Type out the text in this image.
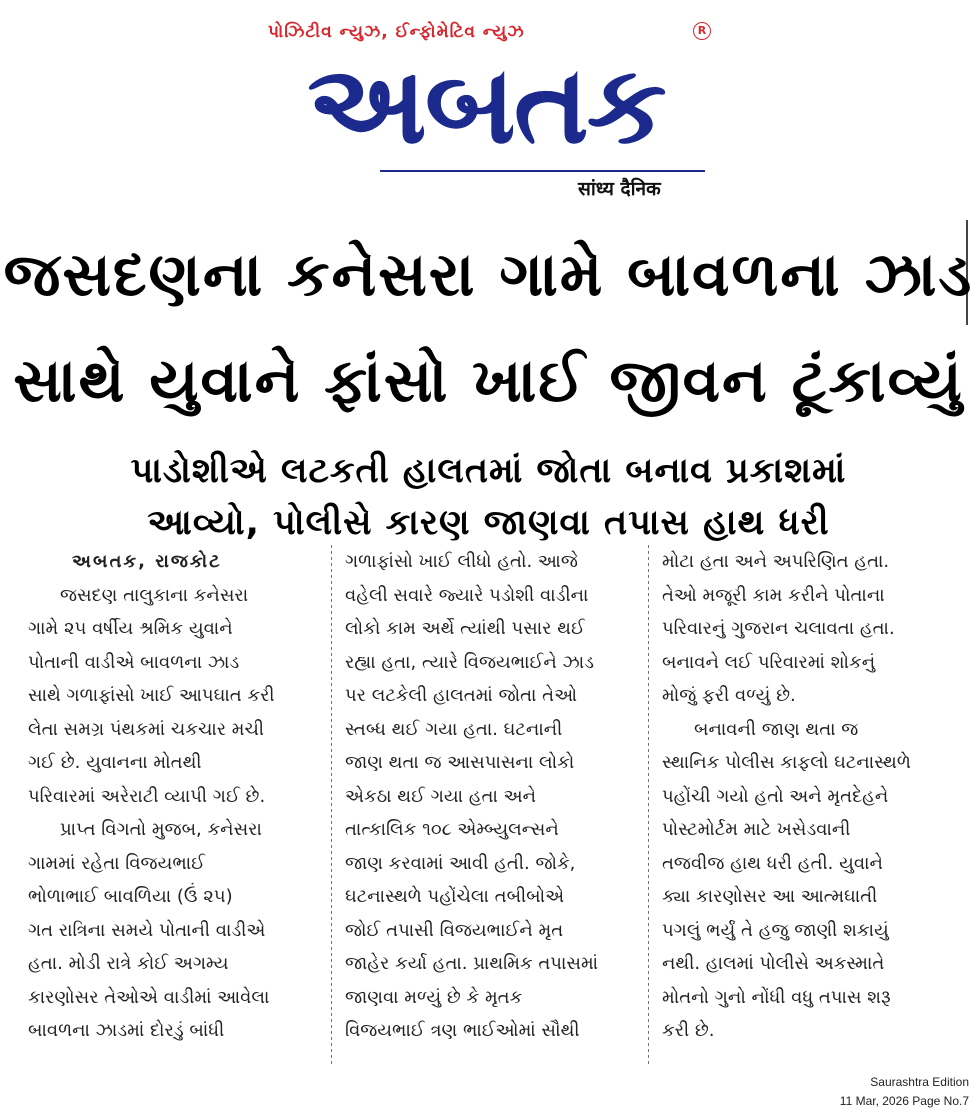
પોઝિટીવ ન્યુઝ, ઈન્ફોમેટિવ ન્યુઝ	R
અબતક
सांध्य दैनिक
જસદણના કનેસરા ગામે બાવળના ઝાડ
સાથે યુવાને ફાંસો ખાઈ જીવન ટૂંકાવ્યું
પાડોશીએ લટકતી હાલતમાં જોતા બનાવ પ્રકાશમાં
આવ્યો, પોલીસે કારણ જાણવા તપાસ હાથ ધરી

અબતક, રાજકોટ

જસદણ તાલુકાના કનેસરા

ગામે ૨૫ વર્ષીય શ્રમિક યુવાને

પોતાની વાડીએ બાવળના ઝાડ

સાથે ગળાફાંસો ખાઈ આપઘાત કરી

લેતા સમગ્ર પંથકમાં ચકચાર મચી

ગઈ છે. યુવાનના મોતથી

પરિવારમાં અરેરાટી વ્યાપી ગઈ છે.

પ્રાપ્ત વિગતો મુજબ, કનેસરા

ગામમાં રહેતા વિજયભાઈ

ભોળાભાઈ બાવળિયા (ઉં ૨૫)

ગત રાત્રિના સમયે પોતાની વાડીએ

હતા. મોડી રાત્રે કોઈ અગમ્ય

કારણોસર તેઓએ વાડીમાં આવેલા

બાવળના ઝાડમાં દોરડું બાંધી

ગળાફાંસો ખાઈ લીધો હતો. આજે

વહેલી સવારે જ્યારે પડોશી વાડીના

લોકો કામ અર્થે ત્યાંથી પસાર થઈ

રહ્યા હતા, ત્યારે વિજયભાઈને ઝાડ

પર લટકેલી હાલતમાં જોતા તેઓ

સ્તબ્ધ થઈ ગયા હતા. ઘટનાની

જાણ થતા જ આસપાસના લોકો

એકઠા થઈ ગયા હતા અને

તાત્કાલિક ૧૦૮ એમ્બ્યુલન્સને

જાણ કરવામાં આવી હતી. જોકે,

ઘટનાસ્થળે પહોંચેલા તબીબોએ

જોઈ તપાસી વિજયભાઈને મૃત

જાહેર કર્યા હતા. પ્રાથમિક તપાસમાં

જાણવા મળ્યું છે કે મૃતક

વિજયભાઈ ત્રણ ભાઈઓમાં સૌથી

મોટા હતા અને અપરિણિત હતા.

તેઓ મજૂરી કામ કરીને પોતાના

પરિવારનું ગુજરાન ચલાવતા હતા.

બનાવને લઈ પરિવારમાં શોકનું

મોજું ફરી વળ્યું છે.

બનાવની જાણ થતા જ

સ્થાનિક પોલીસ કાફલો ઘટનાસ્થળે

પહોંચી ગયો હતો અને મૃતદેહને

પોસ્ટમોર્ટમ માટે ખસેડવાની

તજવીજ હાથ ધરી હતી. યુવાને

ક્યા કારણોસર આ આત્મઘાતી

પગલું ભર્યું તે હજુ જાણી શકાયું

નથી. હાલમાં પોલીસે અકસ્માતે

મોતનો ગુનો નોંધી વધુ તપાસ શરૂ

કરી છે.

Saurashtra Edition
11 Mar, 2026 Page No.7
